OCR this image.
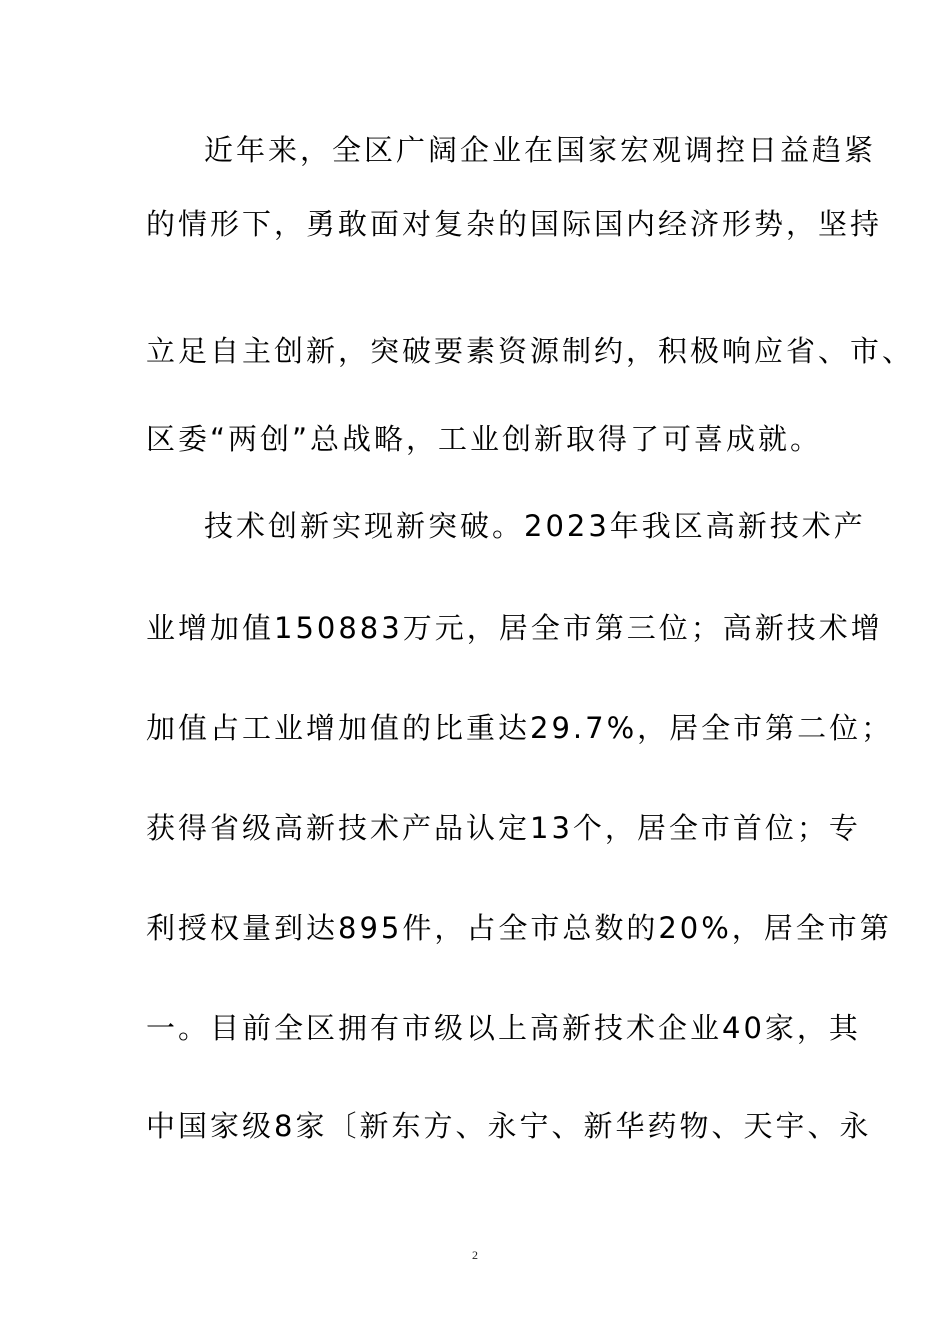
近年来，全区广阔企业在国家宏观调控日益趋紧
的情形下，勇敢面对复杂的国际国内经济形势，坚持
立足自主创新，突破要素资源制约，积极响应省、市、
区委“两创”总战略，工业创新取得了可喜成就。
技术创新实现新突破。2023年我区高新技术产
业增加值150883万元，居全市第三位；高新技术增
加值占工业增加值的比重达29.7%，居全市第二位；
获得省级高新技术产品认定13个，居全市首位；专
利授权量到达895件，占全市总数的20%，居全市第
一。目前全区拥有市级以上高新技术企业40家，其
中国家级8家〔新东方、永宁、新华药物、天宇、永
2
